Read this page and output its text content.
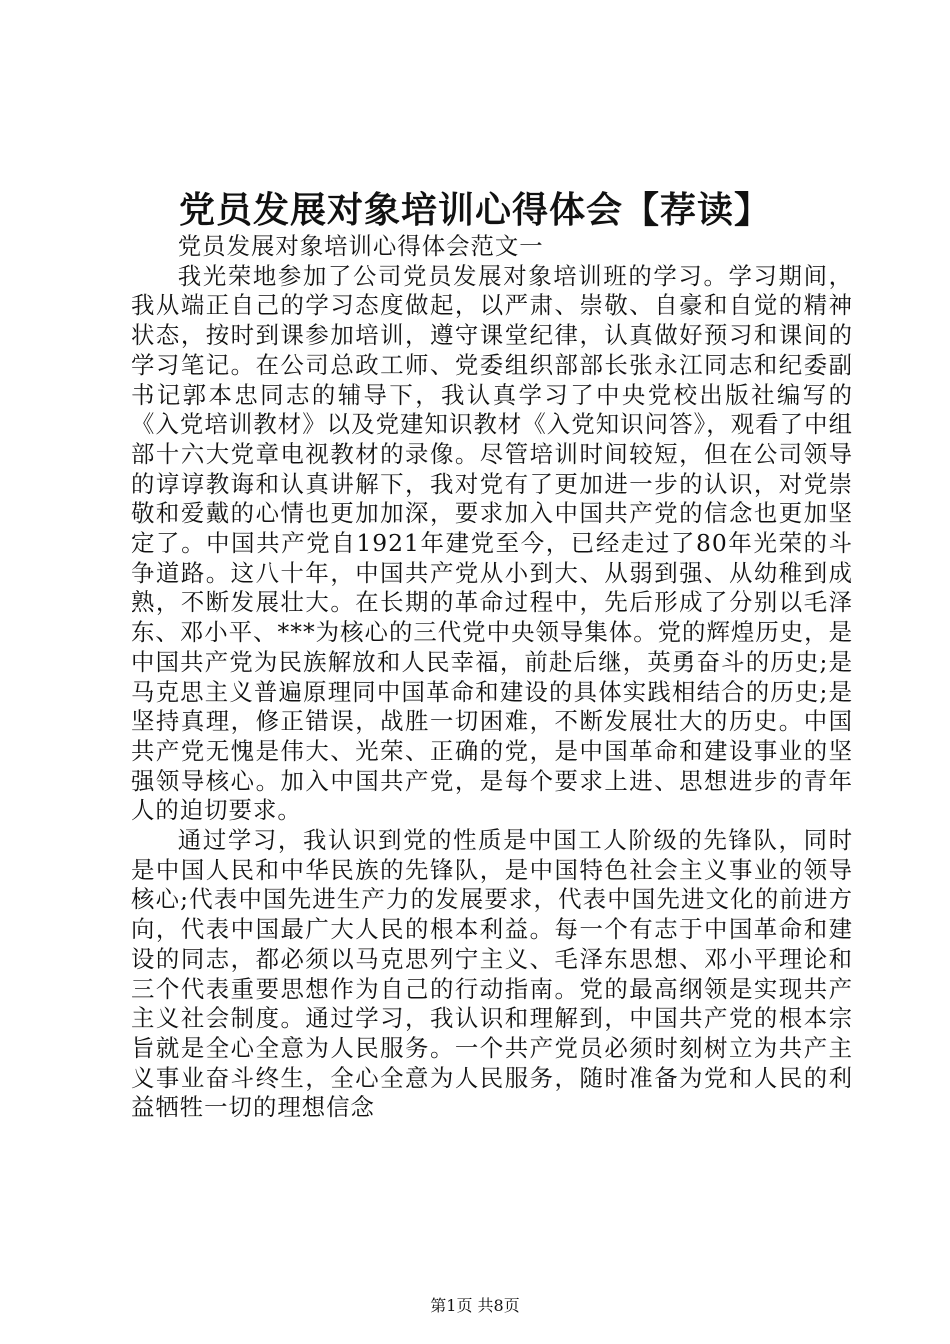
党员发展对象培训心得体会【荐读】

党员发展对象培训心得体会范文一

我光荣地参加了公司党员发展对象培训班的学习。学习期间，我从端正自己的学习态度做起，以严肃、崇敬、自豪和自觉的精神状态，按时到课参加培训，遵守课堂纪律，认真做好预习和课间的学习笔记。在公司总政工师、党委组织部部长张永江同志和纪委副书记郭本忠同志的辅导下，我认真学习了中央党校出版社编写的《入党培训教材》以及党建知识教材《入党知识问答》，观看了中组部十六大党章电视教材的录像。尽管培训时间较短，但在公司领导的谆谆教诲和认真讲解下，我对党有了更加进一步的认识，对党崇敬和爱戴的心情也更加加深，要求加入中国共产党的信念也更加坚定了。中国共产党自1921年建党至今，已经走过了80年光荣的斗争道路。这八十年，中国共产党从小到大、从弱到强、从幼稚到成熟，不断发展壮大。在长期的革命过程中，先后形成了分别以毛泽东、邓小平、***为核心的三代党中央领导集体。党的辉煌历史，是中国共产党为民族解放和人民幸福，前赴后继，英勇奋斗的历史;是马克思主义普遍原理同中国革命和建设的具体实践相结合的历史;是坚持真理，修正错误，战胜一切困难，不断发展壮大的历史。中国共产党无愧是伟大、光荣、正确的党，是中国革命和建设事业的坚强领导核心。加入中国共产党，是每个要求上进、思想进步的青年人的迫切要求。

通过学习，我认识到党的性质是中国工人阶级的先锋队，同时是中国人民和中华民族的先锋队，是中国特色社会主义事业的领导核心;代表中国先进生产力的发展要求，代表中国先进文化的前进方向，代表中国最广大人民的根本利益。每一个有志于中国革命和建设的同志，都必须以马克思列宁主义、毛泽东思想、邓小平理论和三个代表重要思想作为自己的行动指南。党的最高纲领是实现共产主义社会制度。通过学习，我认识和理解到，中国共产党的根本宗旨就是全心全意为人民服务。一个共产党员必须时刻树立为共产主义事业奋斗终生，全心全意为人民服务，随时准备为党和人民的利益牺牲一切的理想信念

第1页 共8页
